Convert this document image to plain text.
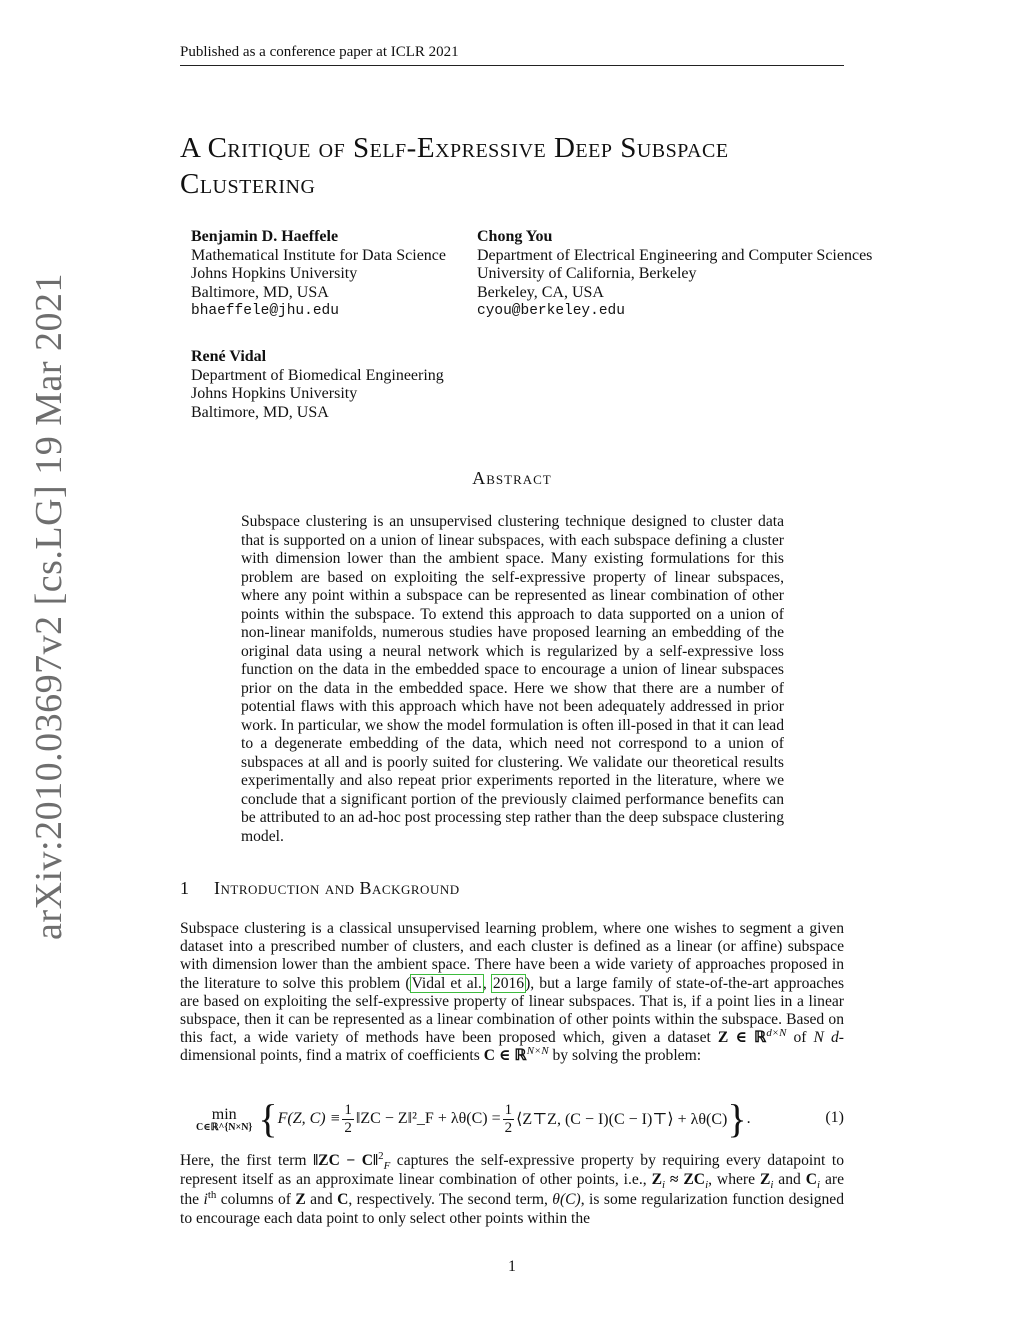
Published as a conference paper at ICLR 2021
A Critique of Self-Expressive Deep Subspace
Clustering
Benjamin D. Haeffele
Mathematical Institute for Data Science
Johns Hopkins University
Baltimore, MD, USA
bhaeffele@jhu.edu
Chong You
Department of Electrical Engineering and Computer Sciences
University of California, Berkeley
Berkeley, CA, USA
cyou@berkeley.edu
René Vidal
Department of Biomedical Engineering
Johns Hopkins University
Baltimore, MD, USA
arXiv:2010.03697v2 [cs.LG] 19 Mar 2021	Abstract
Subspace clustering is an unsupervised clustering technique designed to cluster data that is supported on a union of linear subspaces, with each subspace defining a cluster with dimension lower than the ambient space. Many existing formulations for this problem are based on exploiting the self-expressive property of linear subspaces, where any point within a subspace can be represented as linear combination of other points within the subspace. To extend this approach to data supported on a union of non-linear manifolds, numerous studies have proposed learning an embedding of the original data using a neural network which is regularized by a self-expressive loss function on the data in the embedded space to encourage a union of linear subspaces prior on the data in the embedded space. Here we show that there are a number of potential flaws with this approach which have not been adequately addressed in prior work. In particular, we show the model formulation is often ill-posed in that it can lead to a degenerate embedding of the data, which need not correspond to a union of subspaces at all and is poorly suited for clustering. We validate our theoretical results experimentally and also repeat prior experiments reported in the literature, where we conclude that a significant portion of the previously claimed performance benefits can be attributed to an ad-hoc post processing step rather than the deep subspace clustering model.
1 Introduction and Background
Subspace clustering is a classical unsupervised learning problem, where one wishes to segment a given dataset into a prescribed number of clusters, and each cluster is defined as a linear (or affine) subspace with dimension lower than the ambient space. There have been a wide variety of approaches proposed in the literature to solve this problem (Vidal et al., 2016), but a large family of state-of-the-art approaches are based on exploiting the self-expressive property of linear subspaces. That is, if a point lies in a linear subspace, then it can be represented as a linear combination of other points within the subspace. Based on this fact, a wide variety of methods have been proposed which, given a dataset Z ∈ ℝ$^{d\times N}$ of N d-dimensional points, find a matrix of coefficients C ∈ ℝ$^{N\times N}$ by solving the problem:
min
C∈ℝ^{N×N} { F(Z, $C) \equiv \frac{1}{2}$ ‖ZC − Z‖²_F + $\lambda\theta(C) = \frac{1}{2}$ ⟨Z⊤Z, (C − I)(C − I)⊤⟩ + λθ(C) } .	(1)
Here, the first term ‖ZC − C‖$^2_F$ captures the self-expressive property by requiring every datapoint to represent itself as an approximate linear combination of other points, i.e., $Z_i \approx ZC_i$, where $Z_i$ and $C_i$ are the $i^{th}$ columns of Z and C, respectively. The second term, θ(C), is some regularization function designed to encourage each data point to only select other points within the
1
